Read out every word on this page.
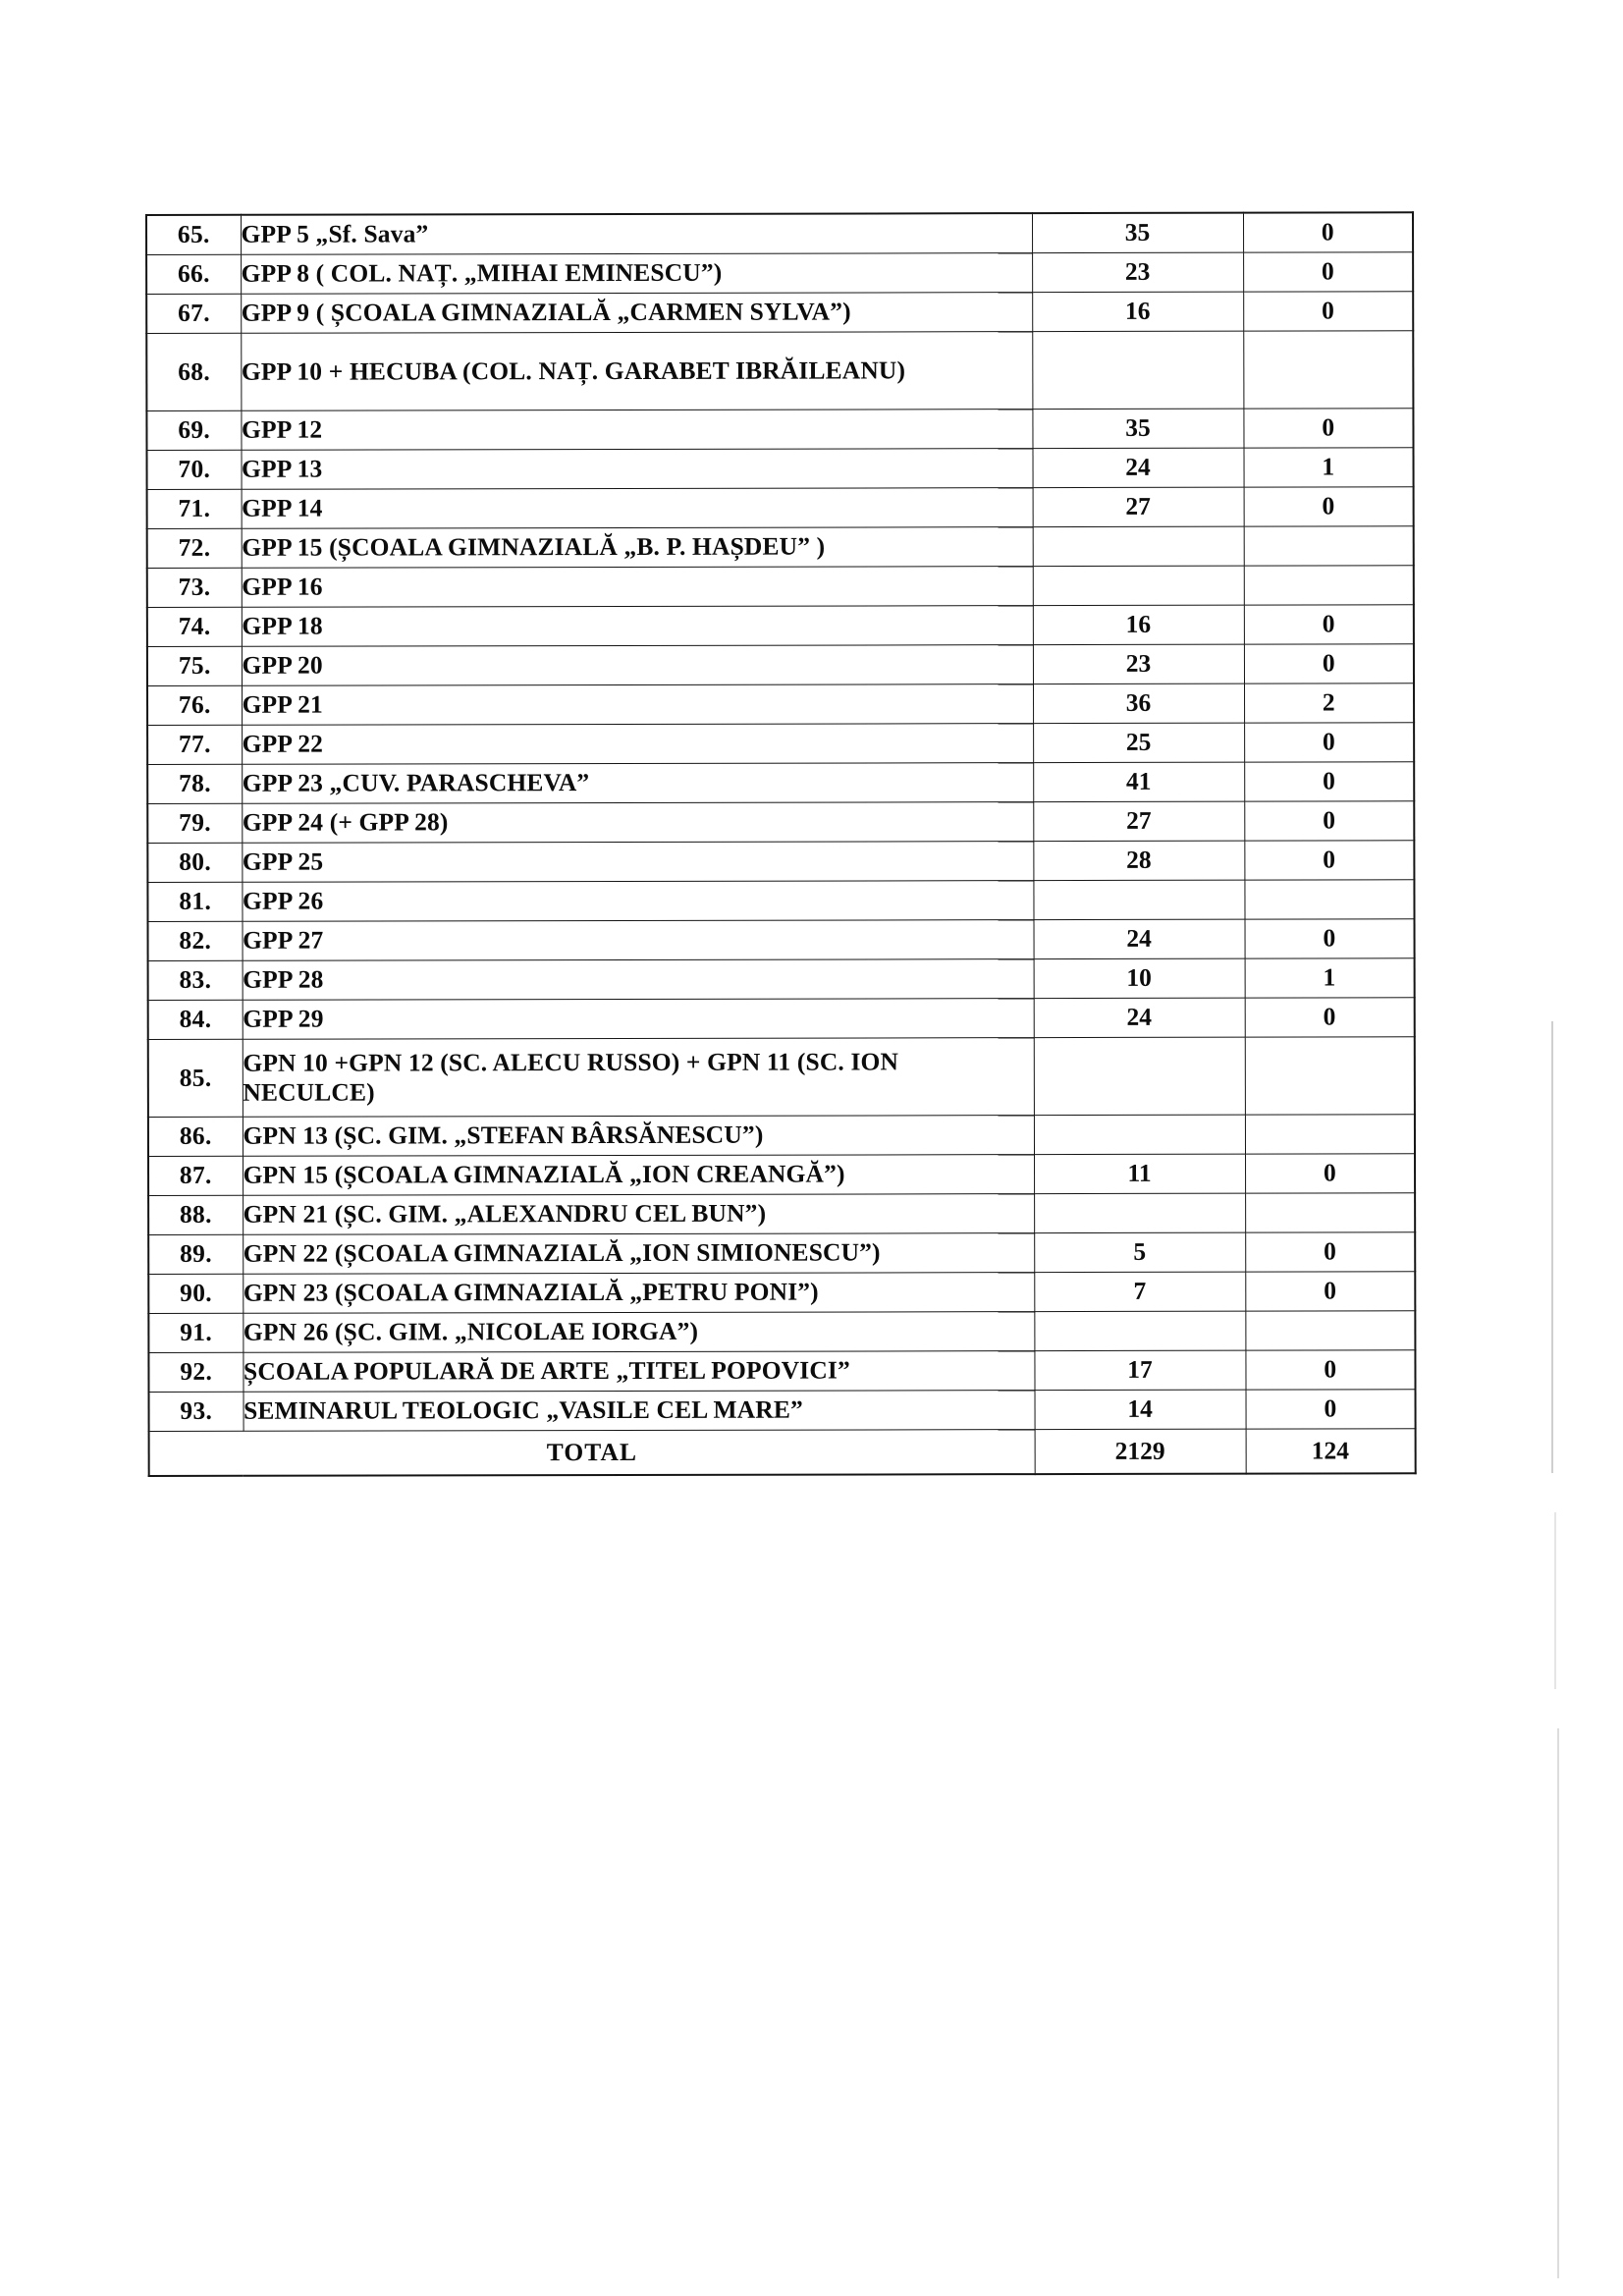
65.	GPP 5 „Sf. Sava”	35	0
66.	GPP 8 ( COL. NAȚ. „MIHAI EMINESCU”)	23	0
67.	GPP 9 ( ȘCOALA GIMNAZIALĂ „CARMEN SYLVA”)	16	0
68.	GPP 10 + HECUBA (COL. NAȚ. GARABET IBRĂILEANU)		
69.	GPP 12	35	0
70.	GPP 13	24	1
71.	GPP 14	27	0
72.	GPP 15 (ȘCOALA GIMNAZIALĂ „B. P. HAȘDEU” )		
73.	GPP 16		
74.	GPP 18	16	0
75.	GPP 20	23	0
76.	GPP 21	36	2
77.	GPP 22	25	0
78.	GPP 23 „CUV. PARASCHEVA”	41	0
79.	GPP 24 (+ GPP 28)	27	0
80.	GPP 25	28	0
81.	GPP 26		
82.	GPP 27	24	0
83.	GPP 28	10	1
84.	GPP 29	24	0
85.	GPN 10 +GPN 12 (SC. ALECU RUSSO) + GPN 11 (SC. ION NECULCE)		
86.	GPN 13 (ȘC. GIM. „STEFAN BÂRSĂNESCU”)		
87.	GPN 15 (ȘCOALA GIMNAZIALĂ „ION CREANGĂ”)	11	0
88.	GPN 21 (ȘC. GIM. „ALEXANDRU CEL BUN”)		
89.	GPN 22 (ȘCOALA GIMNAZIALĂ „ION SIMIONESCU”)	5	0
90.	GPN 23 (ȘCOALA GIMNAZIALĂ „PETRU PONI”)	7	0
91.	GPN 26 (ȘC. GIM. „NICOLAE IORGA”)		
92.	ȘCOALA POPULARĂ DE ARTE „TITEL POPOVICI”	17	0
93.	SEMINARUL TEOLOGIC „VASILE CEL MARE”	14	0
TOTAL		2129	124
